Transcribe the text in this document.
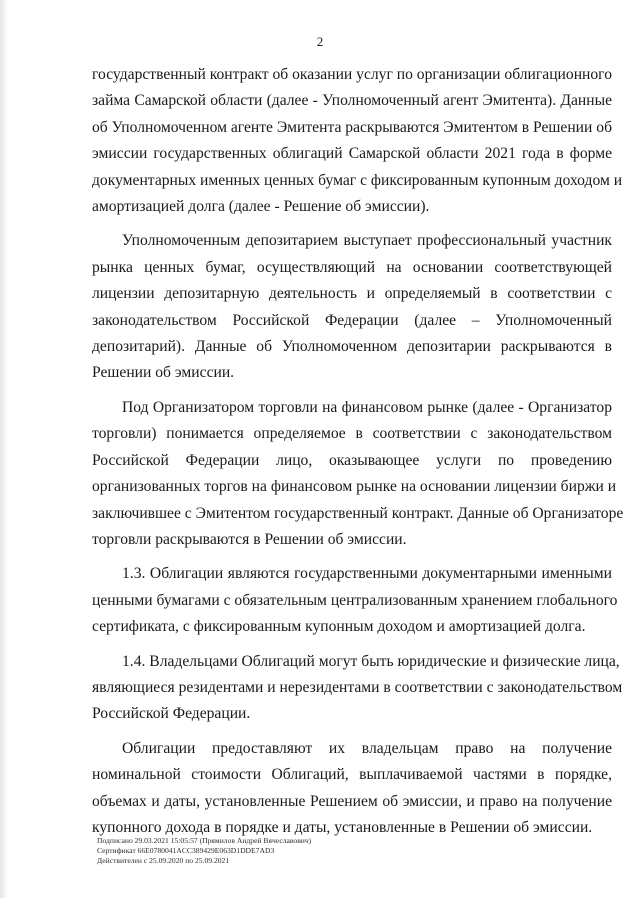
2
государственный контракт об оказании услуг по организации облигационного
займа Самарской области (далее - Уполномоченный агент Эмитента). Данные
об Уполномоченном агенте Эмитента раскрываются Эмитентом в Решении об
эмиссии государственных облигаций Самарской области 2021 года в форме
документарных именных ценных бумаг с фиксированным купонным доходом и
амортизацией долга (далее - Решение об эмиссии).
Уполномоченным депозитарием выступает профессиональный участник
рынка ценных бумаг, осуществляющий на основании соответствующей
лицензии депозитарную деятельность и определяемый в соответствии с
законодательством Российской Федерации (далее – Уполномоченный
депозитарий). Данные об Уполномоченном депозитарии раскрываются в
Решении об эмиссии.
Под Организатором торговли на финансовом рынке (далее - Организатор
торговли) понимается определяемое в соответствии с законодательством
Российской Федерации лицо, оказывающее услуги по проведению
организованных торгов на финансовом рынке на основании лицензии биржи и
заключившее с Эмитентом государственный контракт. Данные об Организаторе
торговли раскрываются в Решении об эмиссии.
1.3. Облигации являются государственными документарными именными
ценными бумагами с обязательным централизованным хранением глобального
сертификата, с фиксированным купонным доходом и амортизацией долга.
1.4. Владельцами Облигаций могут быть юридические и физические лица,
являющиеся резидентами и нерезидентами в соответствии с законодательством
Российской Федерации.
Облигации предоставляют их владельцам право на получение
номинальной стоимости Облигаций, выплачиваемой частями в порядке,
объемах и даты, установленные Решением об эмиссии, и право на получение
купонного дохода в порядке и даты, установленные в Решении об эмиссии.
Подписано 29.03.2021 15:05:57 (Прямилов Андрей Вячеславович)
Сертификат 66E0780041ACC389429E063D1DDE7AD3
Действителен с 25.09.2020 по 25.09.2021
